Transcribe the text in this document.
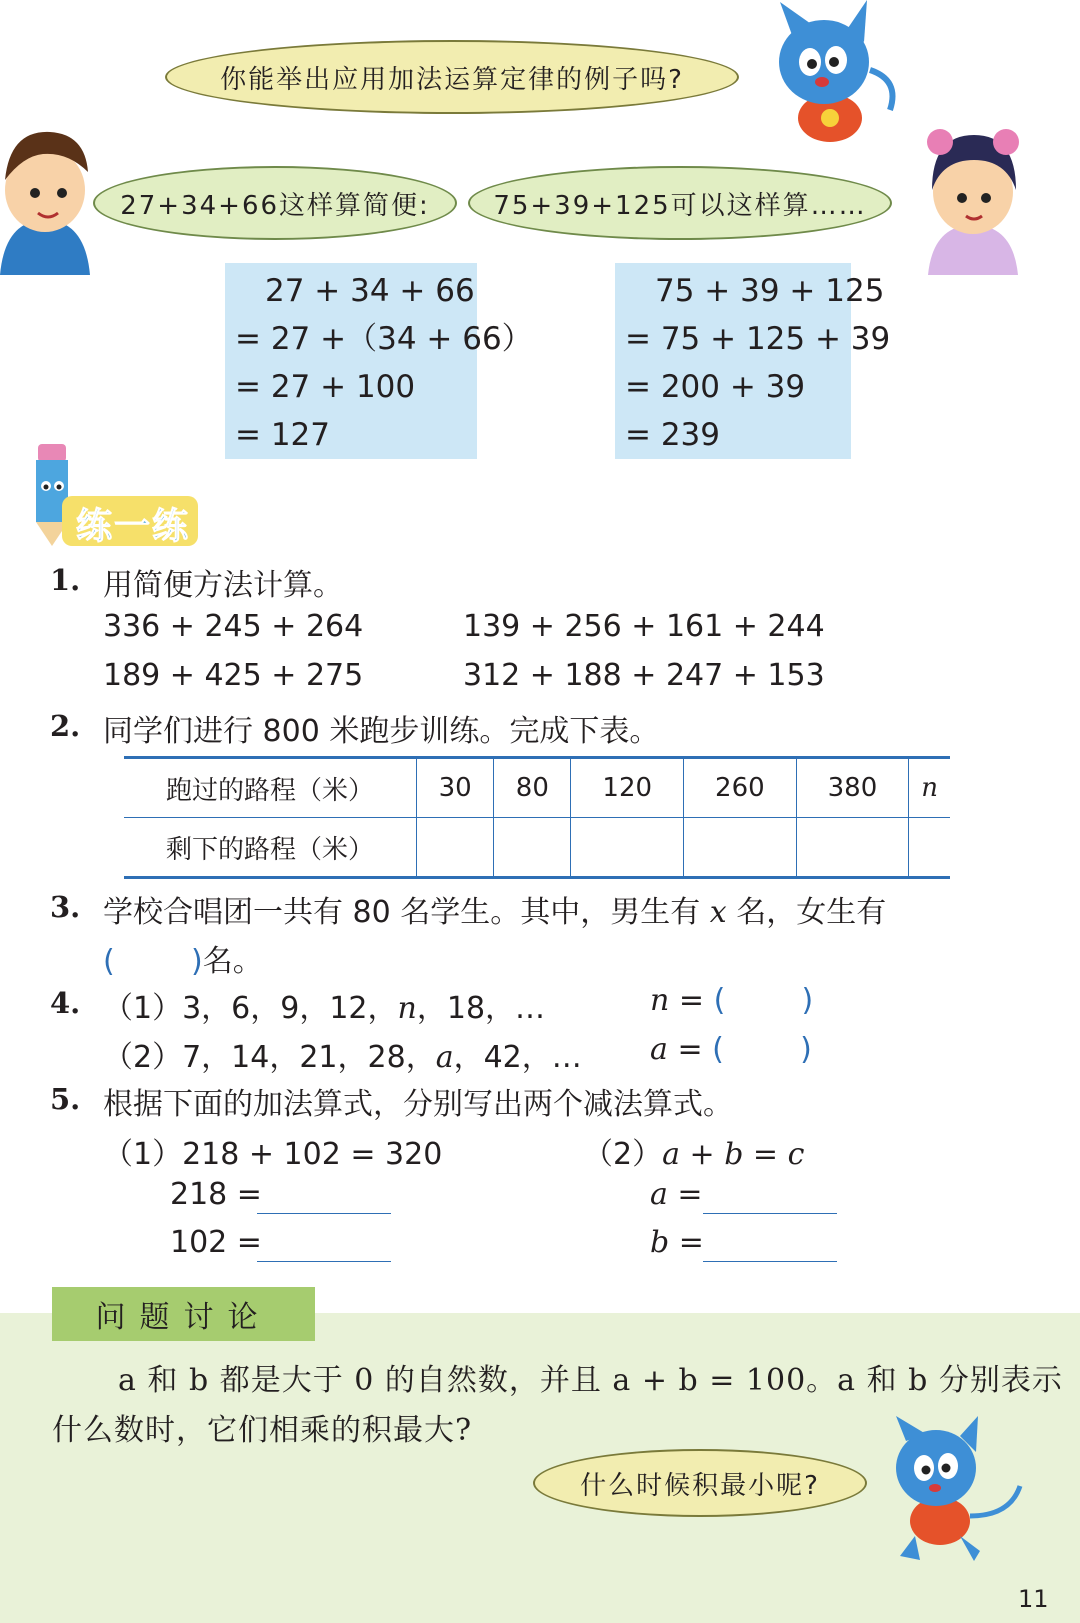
你能举出应用加法运算定律的例子吗?
27+34+66这样算简便: 75+39+125可以这样算……
27 + 34 + 66
= 27 +（34 + 66）
= 27 + 100
= 127
75 + 39 + 125
= 75 + 125 + 39
= 200 + 39
= 239
练一练
1. 用简便方法计算。
336 + 245 + 264	139 + 256 + 161 + 244
189 + 425 + 275	312 + 188 + 247 + 153
2. 同学们进行 800 米跑步训练。完成下表。
跑过的路程（米）	30	80	120	260	380	n
剩下的路程（米）						
3. 学校合唱团一共有 80 名学生。其中，男生有 x 名，女生有
(        )名。
4. （1）3，6，9，12，n，18，…	n = (        )
（2）7，14，21，28，a，42，… a = (        )
5. 根据下面的加法算式，分别写出两个减法算式。
（1）218 + 102 = 320
218 =
102 =
（2）a + b = c
a =
b =
问题讨论
a 和 b 都是大于 0 的自然数，并且 a + b = 100。a 和 b 分别表示
什么数时，它们相乘的积最大?
什么时候积最小呢?
11
